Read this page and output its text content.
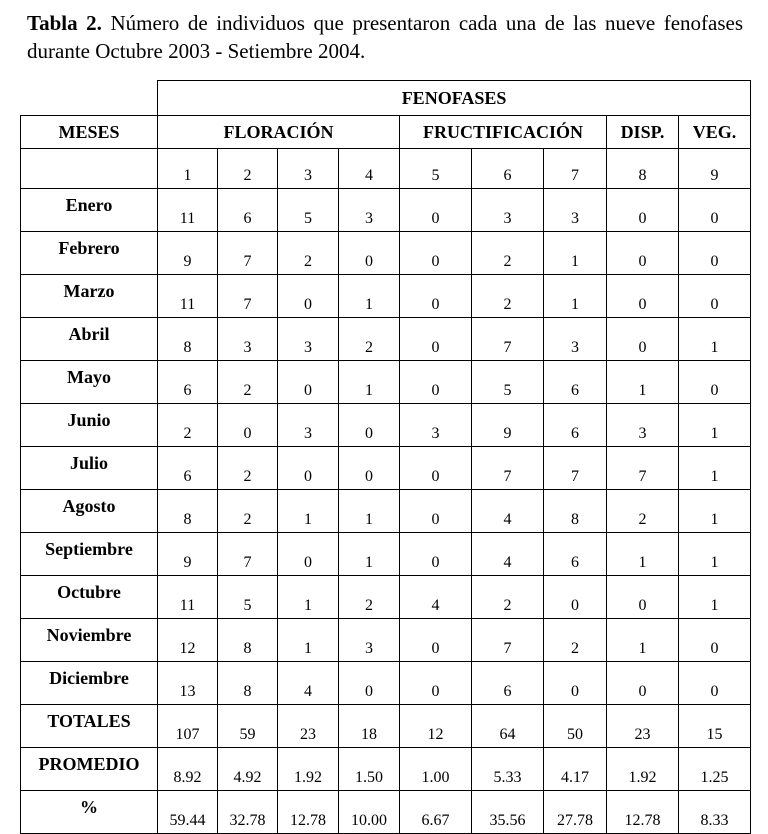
Tabla 2. Número de individuos que presentaron cada una de las nueve fenofases durante Octubre 2003 - Setiembre 2004.
	FENOFASES								
MESES	FLORACIÓN				FRUCTIFICACIÓN			DISP.	VEG.
	1	2	3	4	5	6	7	8	9
Enero	11	6	5	3	0	3	3	0	0
Febrero	9	7	2	0	0	2	1	0	0
Marzo	11	7	0	1	0	2	1	0	0
Abril	8	3	3	2	0	7	3	0	1
Mayo	6	2	0	1	0	5	6	1	0
Junio	2	0	3	0	3	9	6	3	1
Julio	6	2	0	0	0	7	7	7	1
Agosto	8	2	1	1	0	4	8	2	1
Septiembre	9	7	0	1	0	4	6	1	1
Octubre	11	5	1	2	4	2	0	0	1
Noviembre	12	8	1	3	0	7	2	1	0
Diciembre	13	8	4	0	0	6	0	0	0
TOTALES	107	59	23	18	12	64	50	23	15
PROMEDIO	8.92	4.92	1.92	1.50	1.00	5.33	4.17	1.92	1.25
%	59.44	32.78	12.78	10.00	6.67	35.56	27.78	12.78	8.33
